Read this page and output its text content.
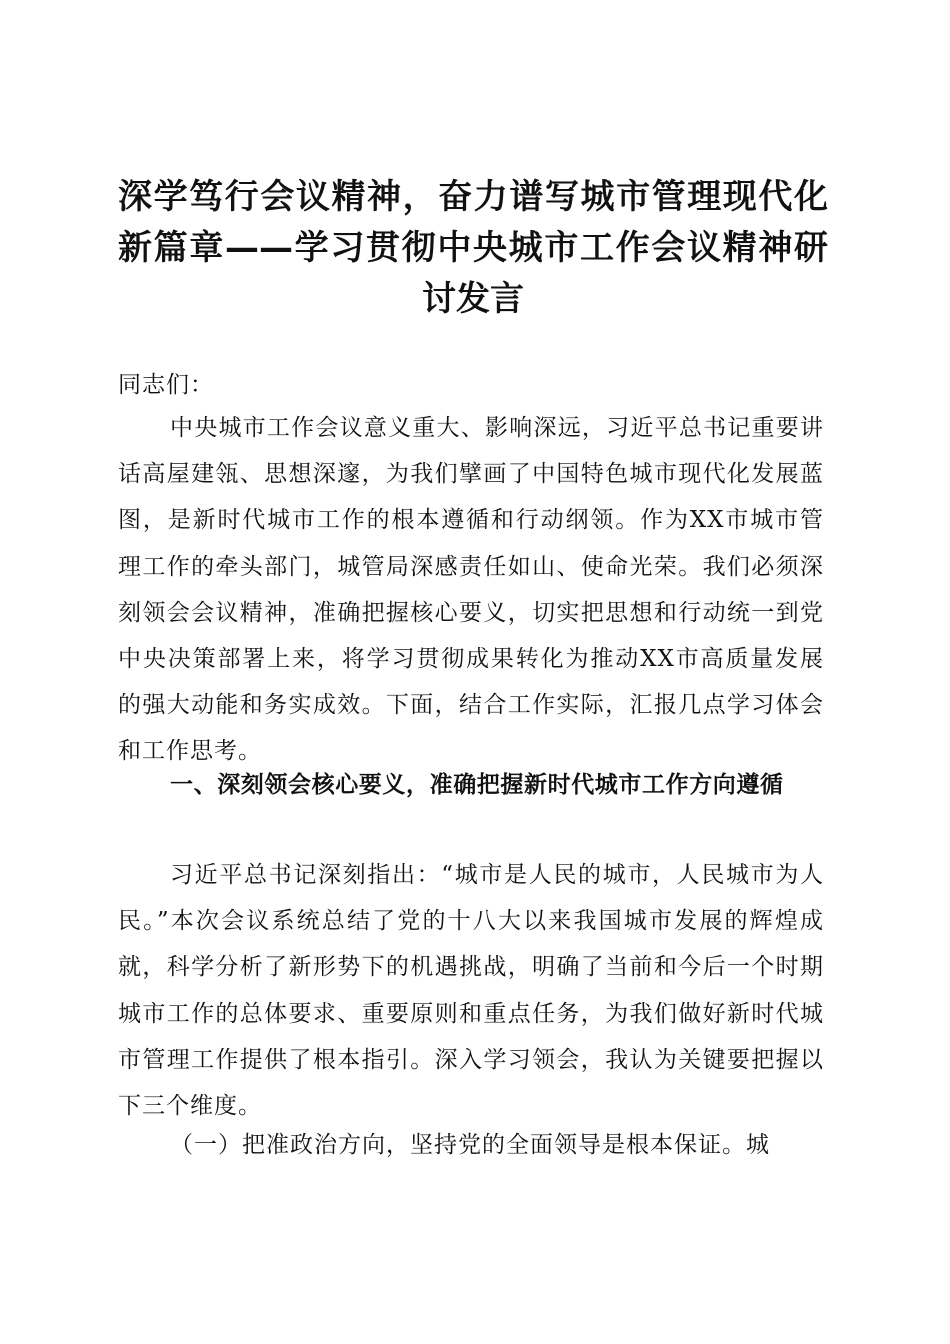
深学笃行会议精神，奋力谱写城市管理现代化新篇章——学习贯彻中央城市工作会议精神研讨发言

同志们：

中央城市工作会议意义重大、影响深远，习近平总书记重要讲话高屋建瓴、思想深邃，为我们擘画了中国特色城市现代化发展蓝图，是新时代城市工作的根本遵循和行动纲领。作为XX市城市管理工作的牵头部门，城管局深感责任如山、使命光荣。我们必须深刻领会会议精神，准确把握核心要义，切实把思想和行动统一到党中央决策部署上来，将学习贯彻成果转化为推动XX市高质量发展的强大动能和务实成效。下面，结合工作实际，汇报几点学习体会和工作思考。

一、深刻领会核心要义，准确把握新时代城市工作方向遵循

习近平总书记深刻指出：“城市是人民的城市，人民城市为人民。”本次会议系统总结了党的十八大以来我国城市发展的辉煌成就，科学分析了新形势下的机遇挑战，明确了当前和今后一个时期城市工作的总体要求、重要原则和重点任务，为我们做好新时代城市管理工作提供了根本指引。深入学习领会，我认为关键要把握以下三个维度。

（一）把准政治方向，坚持党的全面领导是根本保证。城
